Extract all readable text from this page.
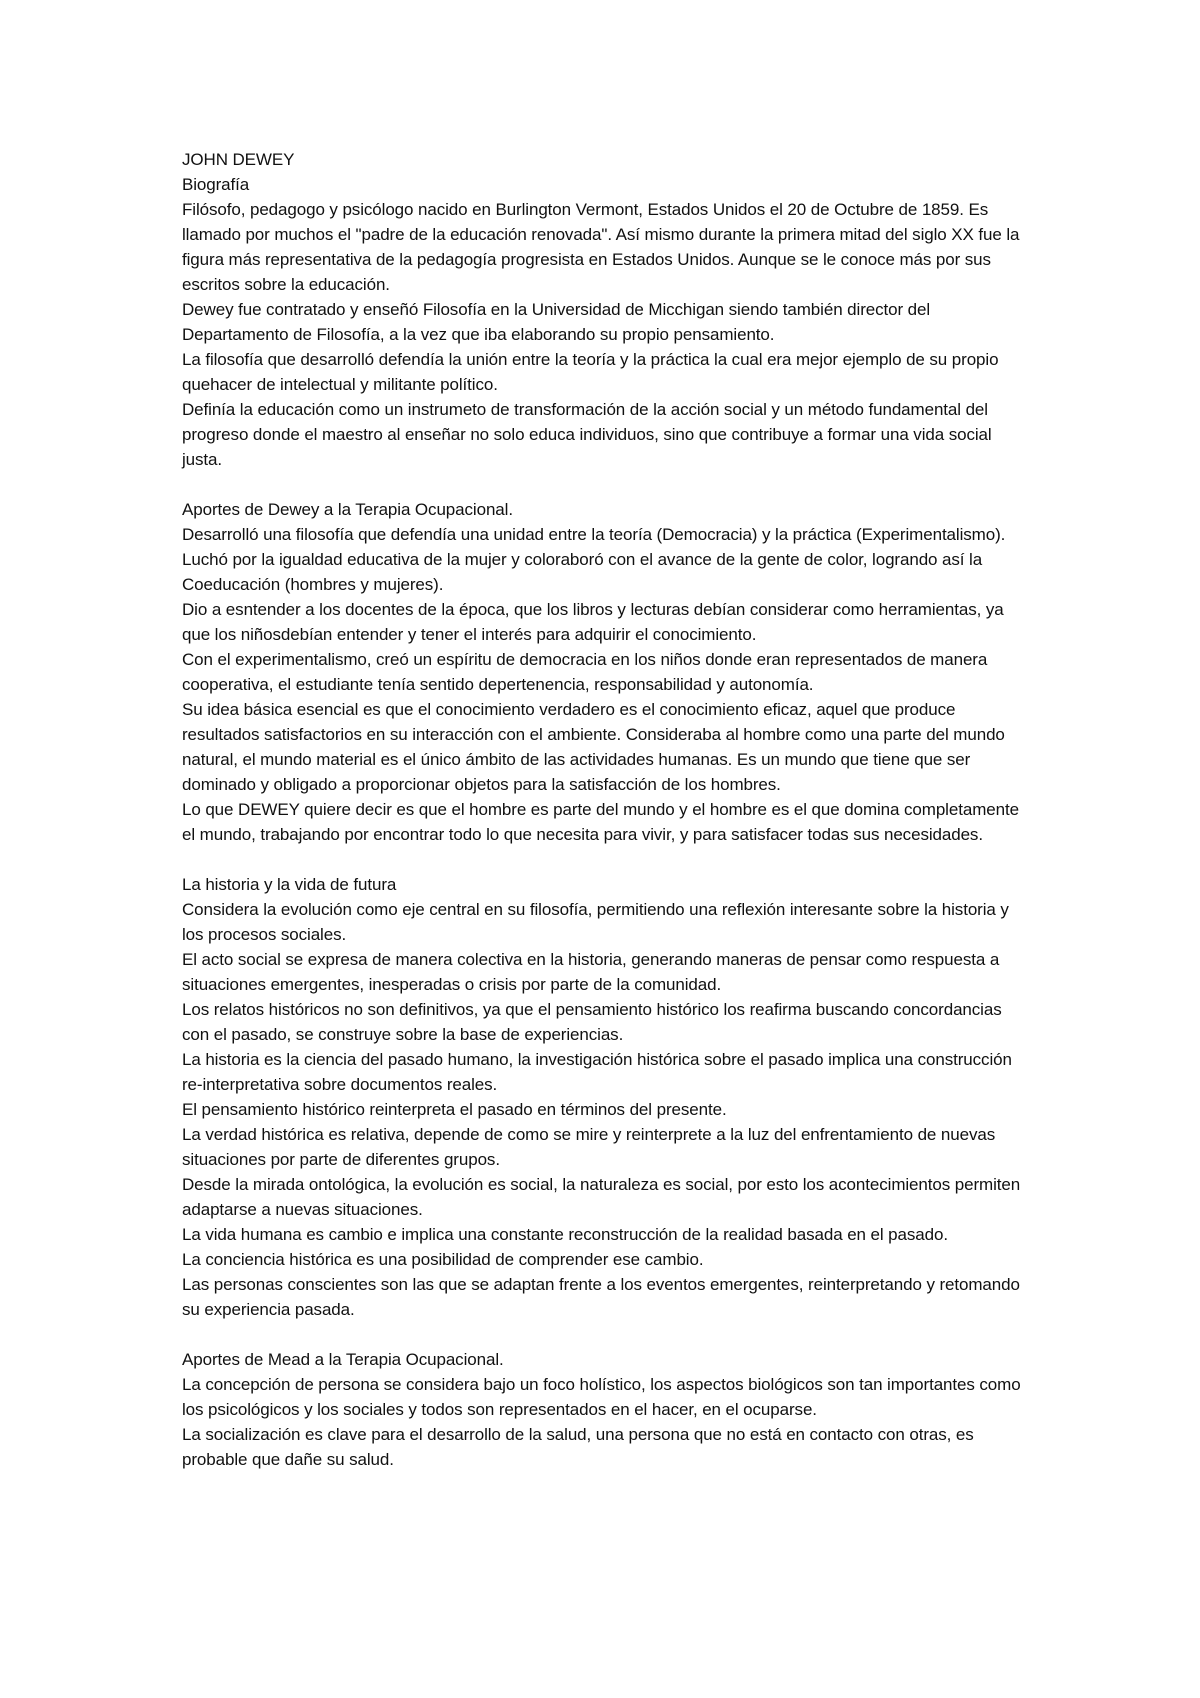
JOHN DEWEY
Biografía
Filósofo, pedagogo y psicólogo nacido en Burlington Vermont, Estados Unidos el 20 de Octubre de 1859. Es llamado por muchos el "padre de la educación renovada". Así mismo durante la primera mitad del siglo XX fue la figura más representativa de la pedagogía progresista en Estados Unidos. Aunque se le conoce más por sus escritos sobre la educación.
Dewey fue contratado y enseñó Filosofía en la Universidad de Micchigan siendo también director del Departamento de Filosofía, a la vez que iba elaborando su propio pensamiento.
La filosofía que desarrolló defendía la unión entre la teoría y la práctica la cual era mejor ejemplo de su propio quehacer de intelectual y militante político.
Definía la educación como un instrumeto de transformación de la acción social y un método fundamental del progreso donde el maestro al enseñar no solo educa individuos, sino que contribuye a formar una vida social justa.
Aportes de Dewey a la Terapia Ocupacional.
Desarrolló una filosofía que defendía una unidad entre la teoría (Democracia) y la práctica (Experimentalismo).
Luchó por la igualdad educativa de la mujer y coloraboró con el avance de la gente de color, logrando así la Coeducación (hombres y mujeres).
Dio a esntender a los docentes de la época, que los libros y lecturas debían considerar como herramientas, ya que los niñosdebían entender y tener el interés para adquirir el conocimiento.
Con el experimentalismo, creó un espíritu de democracia en los niños donde eran representados de manera cooperativa, el estudiante tenía sentido depertenencia, responsabilidad y autonomía.
Su idea básica esencial es que el conocimiento verdadero es el conocimiento eficaz, aquel que produce resultados satisfactorios en su interacción con el ambiente. Consideraba al hombre como una parte del mundo natural, el mundo material es el único ámbito de las actividades humanas. Es un mundo que tiene que ser dominado y obligado a proporcionar objetos para la satisfacción de los hombres.
Lo que DEWEY quiere decir es que el hombre es parte del mundo y el hombre es el que domina completamente el mundo, trabajando por encontrar todo lo que necesita para vivir, y para satisfacer todas sus necesidades.
La historia y la vida de futura
Considera la evolución como eje central en su filosofía, permitiendo una reflexión interesante sobre la historia y los procesos sociales.
El acto social se expresa de manera colectiva en la historia, generando maneras de pensar como respuesta a situaciones emergentes, inesperadas o crisis por parte de la comunidad.
Los relatos históricos no son definitivos, ya que el pensamiento histórico los reafirma buscando concordancias con el pasado, se construye sobre la base de experiencias.
La historia es la ciencia del pasado humano, la investigación histórica sobre el pasado implica una construcción re-interpretativa sobre documentos reales.
El pensamiento histórico reinterpreta el pasado en términos del presente.
La verdad histórica es relativa, depende de como se mire y reinterprete a la luz del enfrentamiento de nuevas situaciones por parte de diferentes grupos.
Desde la mirada ontológica, la evolución es social, la naturaleza es social, por esto los acontecimientos permiten adaptarse a nuevas situaciones.
La vida humana es cambio e implica una constante reconstrucción de la realidad basada en el pasado.
La conciencia histórica es una posibilidad de comprender ese cambio.
Las personas conscientes son las que se adaptan frente a los eventos emergentes, reinterpretando y retomando su experiencia pasada.
Aportes de Mead a la Terapia Ocupacional.
La concepción de persona se considera bajo un foco holístico, los aspectos biológicos son tan importantes como los psicológicos y los sociales y todos son representados en el hacer, en el ocuparse.
La socialización es clave para el desarrollo de la salud, una persona que no está en contacto con otras, es probable que dañe su salud.
